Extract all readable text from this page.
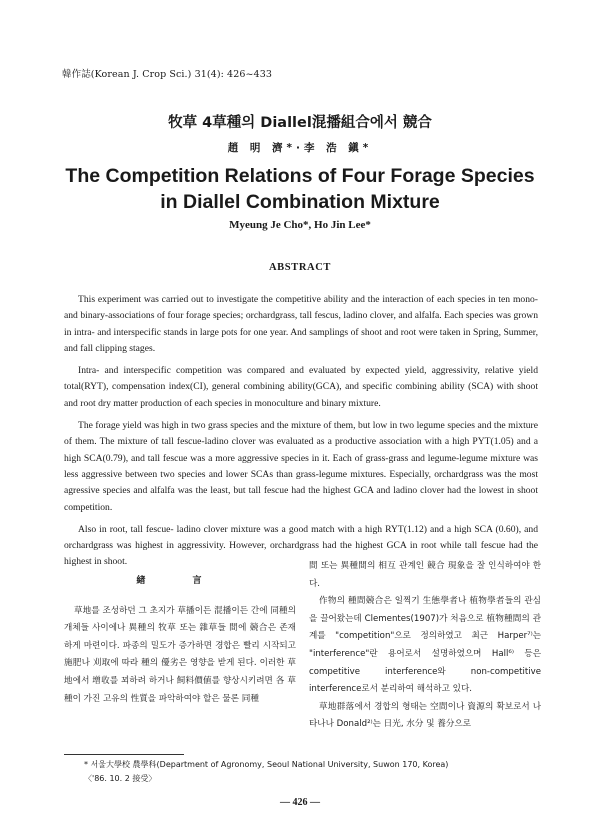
韓作誌(Korean J. Crop Sci.) 31(4): 426~433
牧草 4草種의 Diallel混播組合에서 競合
趙 明 濟*·李 浩 鎭*
The Competition Relations of Four Forage Species
in Diallel Combination Mixture
Myeung Je Cho*, Ho Jin Lee*
ABSTRACT

This experiment was carried out to investigate the competitive ability and the interaction of each species in ten mono-and binary-associations of four forage species; orchardgrass, tall fescus, ladino clover, and alfalfa. Each species was grown in intra- and interspecific stands in large pots for one year. And samplings of shoot and root were taken in Spring, Summer, and fall clipping stages.

Intra- and interspecific competition was compared and evaluated by expected yield, aggressivity, relative yield total(RYT), compensation index(CI), general combining ability(GCA), and specific combining ability (SCA) with shoot and root dry matter production of each species in monoculture and binary mixture.

The forage yield was high in two grass species and the mixture of them, but low in two legume species and the mixture of them. The mixture of tall fescue-ladino clover was evaluated as a productive association with a high PYT(1.05) and a high SCA(0.79), and tall fescue was a more aggressive species in it. Each of grass-grass and legume-legume mixture was less aggressive between two species and lower SCAs than grass-legume mixtures. Especially, orchardgrass was the most agressive species and alfalfa was the least, but tall fescue had the highest GCA and ladino clover had the lowest in shoot competition.

Also in root, tall fescue- ladino clover mixture was a good match with a high RYT(1.12) and a high SCA (0.60), and orchardgrass was highest in aggressivity. However, orchardgrass had the highest GCA in root while tall fescue had the highest in shoot.

緖 言

草地를 조성하던 그 초지가 草播이든 混播이든 간에 同種의 개체들 사이에나 異種의 牧草 또는 雜草들 間에 競合은 존재하게 마련이다. 파종의 밀도가 증가하면 경합은 빨리 시작되고 施肥나 刈取에 따라 種의 優劣은 영향을 받게 된다. 이러한 草地에서 增收를 꾀하려 하거나 飼料價値를 향상시키려면 各 草種이 가진 고유의 性質을 파악하여야 할은 물론 同種

間 또는 異種間의 相互 관계인 競合 現象을 잘 인식하여야 한다.

作物의 種間競合은 일찍기 生態學者나 植物學者들의 관심을 끌어왔는데 Clementes(1907)가 처음으로 植物種間의 관계를 "competition"으로 정의하였고 최근 Harper⁷⁾는 "interference"란 용어로서 설명하였으며 Hall⁶⁾ 등은 competitive interference와 non-competitive interference로서 분리하여 해석하고 있다.

草地群落에서 경합의 형태는 空間이나 資源의 확보로서 나타나나 Donald²⁾는 日光, 水分 및 養分으로

* 서울大學校 農學科(Department of Agronomy, Seoul National University, Suwon 170, Korea)
〈'86. 10. 2 接受〉
— 426 —
